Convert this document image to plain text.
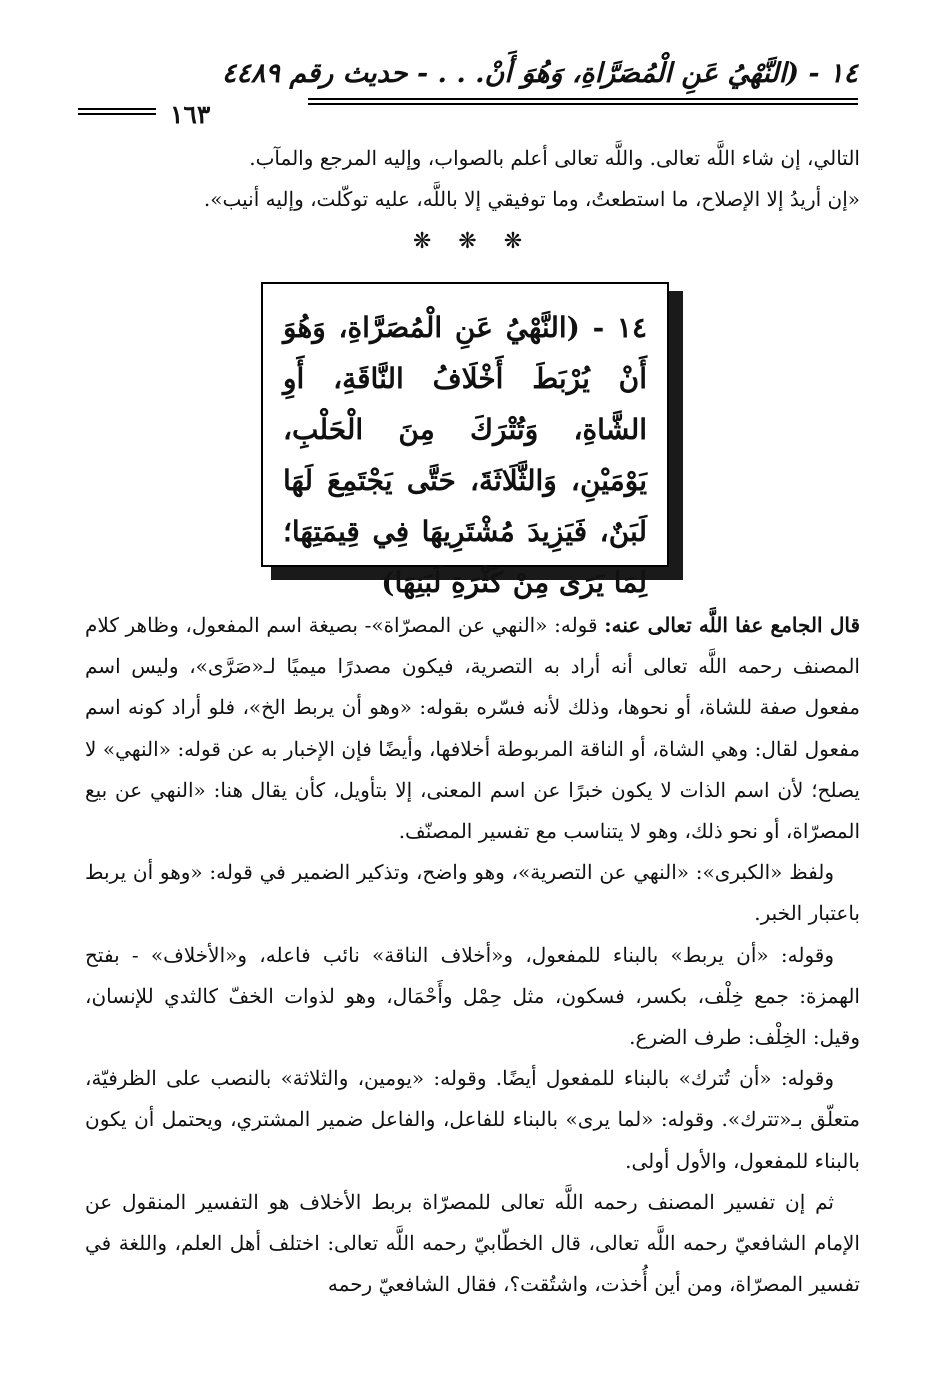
١٤ - (النَّهْيُ عَنِ الْمُصَرَّاةِ، وَهُوَ أَنْ. . . - حديث رقم ٤٤٨٩
١٦٣

التالي، إن شاء اللَّه تعالى. واللَّه تعالى أعلم بالصواب، وإليه المرجع والمآب.

«إن أريدُ إلا الإصلاح، ما استطعتُ، وما توفيقي إلا باللَّه، عليه توكّلت، وإليه أنيب».

❋ ❋ ❋

١٤ - (النَّهْيُ عَنِ الْمُصَرَّاةِ، وَهُوَ أَنْ يُرْبَطَ أَخْلَافُ النَّاقَةِ، أَوِ الشَّاةِ، وَتُتْرَكَ مِنَ الْحَلْبِ، يَوْمَيْنِ، وَالثَّلَاثَةَ، حَتَّى يَجْتَمِعَ لَهَا لَبَنٌ، فَيَزِيدَ مُشْتَرِيهَا فِي قِيمَتِهَا؛ لِمَا يَرَى مِنْ كَثْرَةِ لَبَنِهَا)

قال الجامع عفا اللَّه تعالى عنه: قوله: «النهي عن المصرّاة»- بصيغة اسم المفعول، وظاهر كلام المصنف رحمه اللَّه تعالى أنه أراد به التصرية، فيكون مصدرًا ميميًا لـ«صَرَّى»، وليس اسم مفعول صفة للشاة، أو نحوها، وذلك لأنه فسّره بقوله: «وهو أن يربط الخ»، فلو أراد كونه اسم مفعول لقال: وهي الشاة، أو الناقة المربوطة أخلافها، وأيضًا فإن الإخبار به عن قوله: «النهي» لا يصلح؛ لأن اسم الذات لا يكون خبرًا عن اسم المعنى، إلا بتأويل، كأن يقال هنا: «النهي عن بيع المصرّاة، أو نحو ذلك، وهو لا يتناسب مع تفسير المصنّف.

ولفظ «الكبرى»: «النهي عن التصرية»، وهو واضح، وتذكير الضمير في قوله: «وهو أن يربط باعتبار الخبر.

وقوله: «أن يربط» بالبناء للمفعول، و«أخلاف الناقة» نائب فاعله، و«الأخلاف» - بفتح الهمزة: جمع خِلْف، بكسر، فسكون، مثل حِمْل وأَحْمَال، وهو لذوات الخفّ كالثدي للإنسان، وقيل: الخِلْف: طرف الضرع.

وقوله: «أن تُترك» بالبناء للمفعول أيضًا. وقوله: «يومين، والثلاثة» بالنصب على الظرفيّة، متعلّق بـ«تترك». وقوله: «لما يرى» بالبناء للفاعل، والفاعل ضمير المشتري، ويحتمل أن يكون بالبناء للمفعول، والأول أولى.

ثم إن تفسير المصنف رحمه اللَّه تعالى للمصرّاة بربط الأخلاف هو التفسير المنقول عن الإمام الشافعيّ رحمه اللَّه تعالى، قال الخطّابيّ رحمه اللَّه تعالى: اختلف أهل العلم، واللغة في تفسير المصرّاة، ومن أين أُخذت، واشتُقت؟، فقال الشافعيّ رحمه
